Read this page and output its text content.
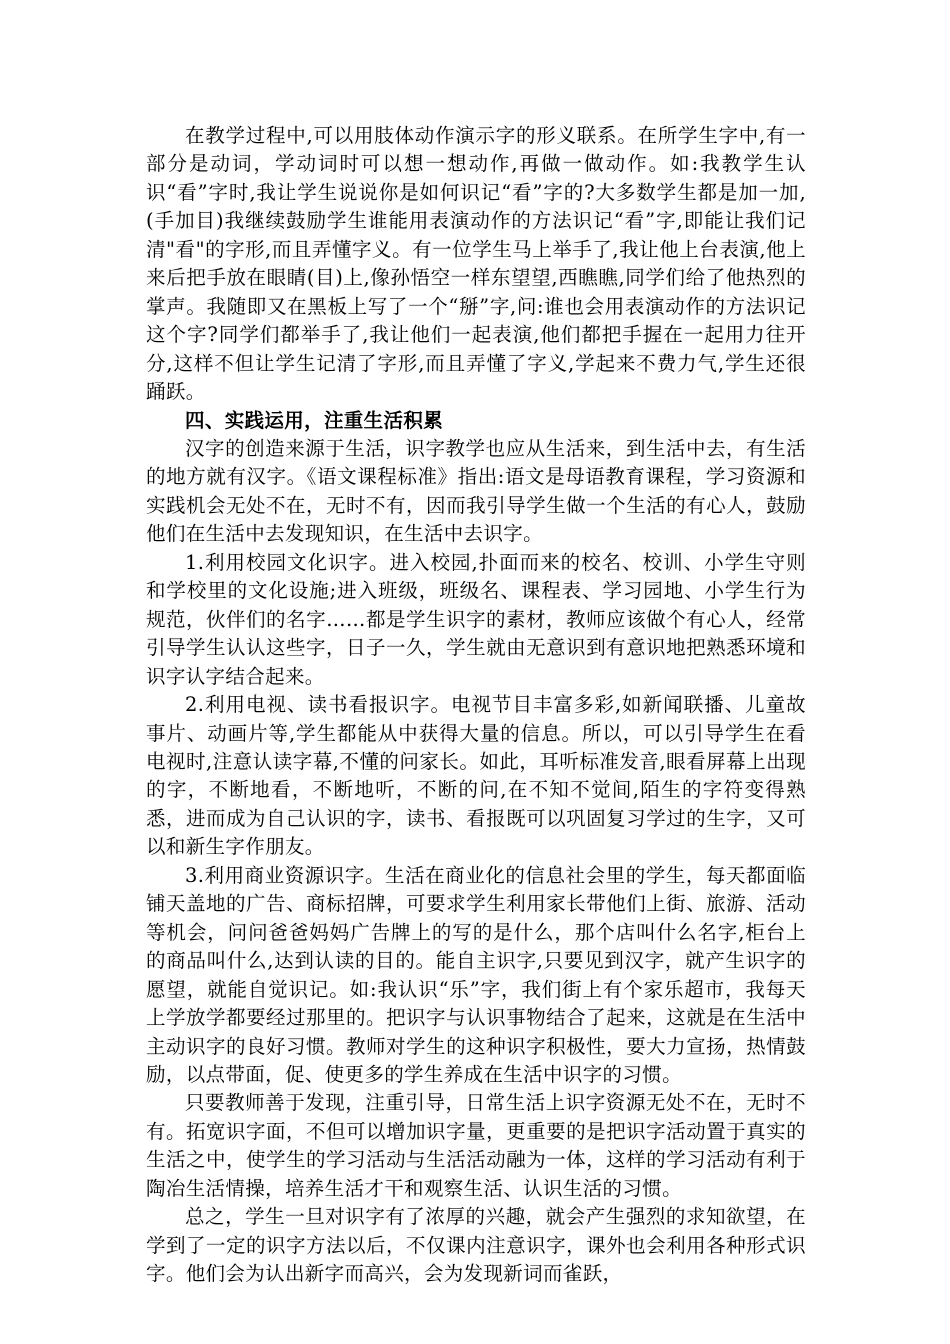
在教学过程中,可以用肢体动作演示字的形义联系。在所学生字中,有一部分是动词，学动词时可以想一想动作,再做一做动作。如:我教学生认识“看”字时,我让学生说说你是如何识记“看”字的?大多数学生都是加一加,(手加目)我继续鼓励学生谁能用表演动作的方法识记“看”字,即能让我们记清"看"的字形,而且弄懂字义。有一位学生马上举手了,我让他上台表演,他上来后把手放在眼睛(目)上,像孙悟空一样东望望,西瞧瞧,同学们给了他热烈的掌声。我随即又在黑板上写了一个“掰”字,问:谁也会用表演动作的方法识记这个字?同学们都举手了,我让他们一起表演,他们都把手握在一起用力往开分,这样不但让学生记清了字形,而且弄懂了字义,学起来不费力气,学生还很踊跃。

四、实践运用，注重生活积累

汉字的创造来源于生活，识字教学也应从生活来，到生活中去，有生活的地方就有汉字。《语文课程标准》指出:语文是母语教育课程，学习资源和实践机会无处不在，无时不有，因而我引导学生做一个生活的有心人，鼓励他们在生活中去发现知识，在生活中去识字。

1.利用校园文化识字。进入校园,扑面而来的校名、校训、小学生守则和学校里的文化设施;进入班级，班级名、课程表、学习园地、小学生行为规范，伙伴们的名字……都是学生识字的素材，教师应该做个有心人，经常引导学生认认这些字，日子一久，学生就由无意识到有意识地把熟悉环境和识字认字结合起来。

2.利用电视、读书看报识字。电视节目丰富多彩,如新闻联播、儿童故事片、动画片等,学生都能从中获得大量的信息。所以，可以引导学生在看电视时,注意认读字幕,不懂的问家长。如此，耳听标准发音,眼看屏幕上出现的字，不断地看，不断地听，不断的问,在不知不觉间,陌生的字符变得熟悉，进而成为自己认识的字，读书、看报既可以巩固复习学过的生字，又可以和新生字作朋友。

3.利用商业资源识字。生活在商业化的信息社会里的学生，每天都面临铺天盖地的广告、商标招牌，可要求学生利用家长带他们上街、旅游、活动等机会，问问爸爸妈妈广告牌上的写的是什么，那个店叫什么名字,柜台上的商品叫什么,达到认读的目的。能自主识字,只要见到汉字，就产生识字的愿望，就能自觉识记。如:我认识“乐”字，我们街上有个家乐超市，我每天上学放学都要经过那里的。把识字与认识事物结合了起来，这就是在生活中主动识字的良好习惯。教师对学生的这种识字积极性，要大力宣扬，热情鼓励，以点带面，促、使更多的学生养成在生活中识字的习惯。

只要教师善于发现，注重引导，日常生活上识字资源无处不在，无时不有。拓宽识字面，不但可以增加识字量，更重要的是把识字活动置于真实的生活之中，使学生的学习活动与生活活动融为一体，这样的学习活动有利于陶冶生活情操，培养生活才干和观察生活、认识生活的习惯。

总之，学生一旦对识字有了浓厚的兴趣，就会产生强烈的求知欲望，在学到了一定的识字方法以后，不仅课内注意识字，课外也会利用各种形式识字。他们会为认出新字而高兴，会为发现新词而雀跃，
